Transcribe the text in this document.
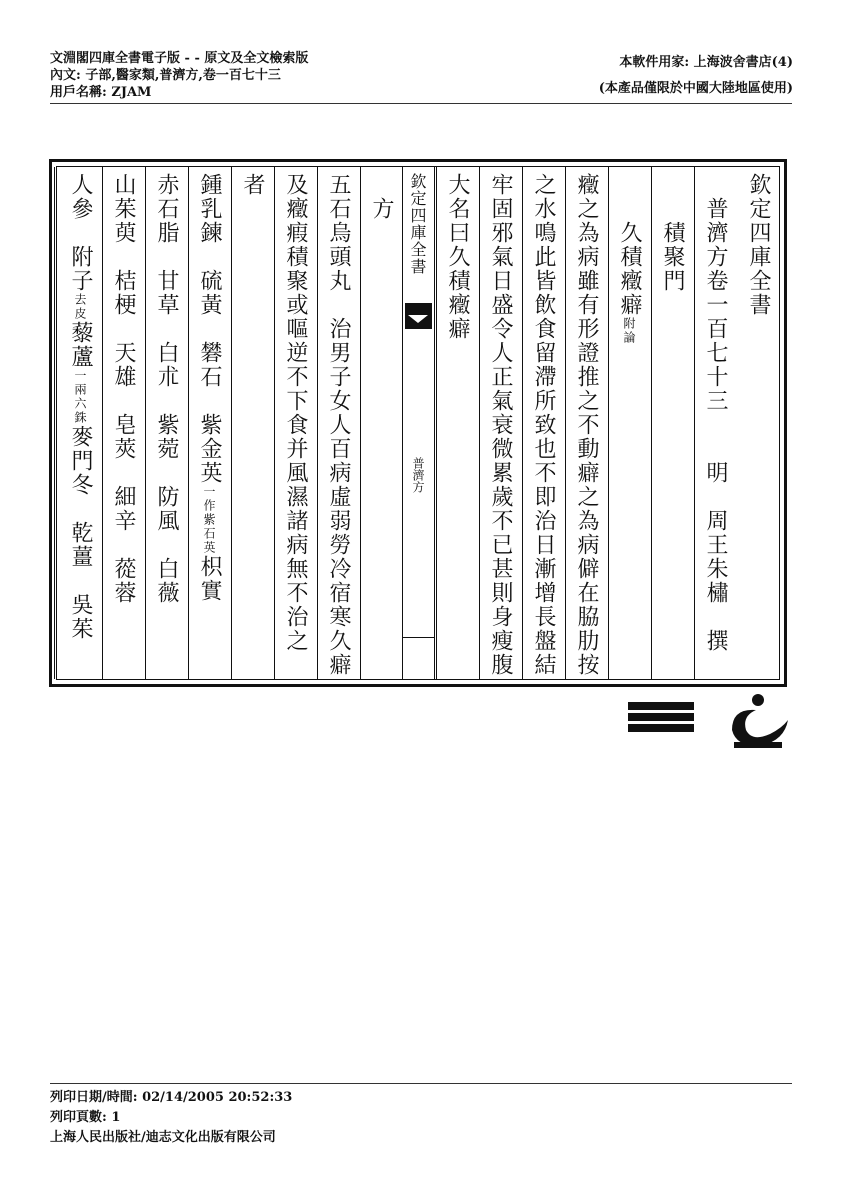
文淵閣四庫全書電子版 - - 原文及全文檢索版
內文: 子部,醫家類,普濟方,卷一百七十三
用戶名稱: ZJAM
本軟件用家: 上海波舍書店(4)
(本產品僅限於中國大陸地區使用)
欽定四庫全書
　普濟方卷一百七十三　　明　周王朱橚　撰
　　積聚門
　　久積癥癖附論
癥之為病雖有形證推之不動癖之為病僻在脇肋按
之水鳴此皆飲食留滯所致也不即治日漸增長盤結
牢固邪氣日盛令人正氣衰微累歲不已甚則身瘦腹
大名曰久積癥癖
欽定四庫全書
普濟方
　方
五石烏頭丸　治男子女人百病虛弱勞冷宿寒久癖
及癥瘕積聚或嘔逆不下食并風濕諸病無不治之
者
鍾乳鍊　硫黃　礬石　紫金英一作紫石英枳實
赤石脂　甘草　白朮　紫菀　防風　白薇
山茱萸　桔梗　天雄　皂莢　細辛　蓯蓉
人參　附子去皮藜蘆一兩六銖麥門冬　乾薑　吳茱
列印日期/時間: 02/14/2005 20:52:33
列印頁數: 1
上海人民出版社/迪志文化出版有限公司
